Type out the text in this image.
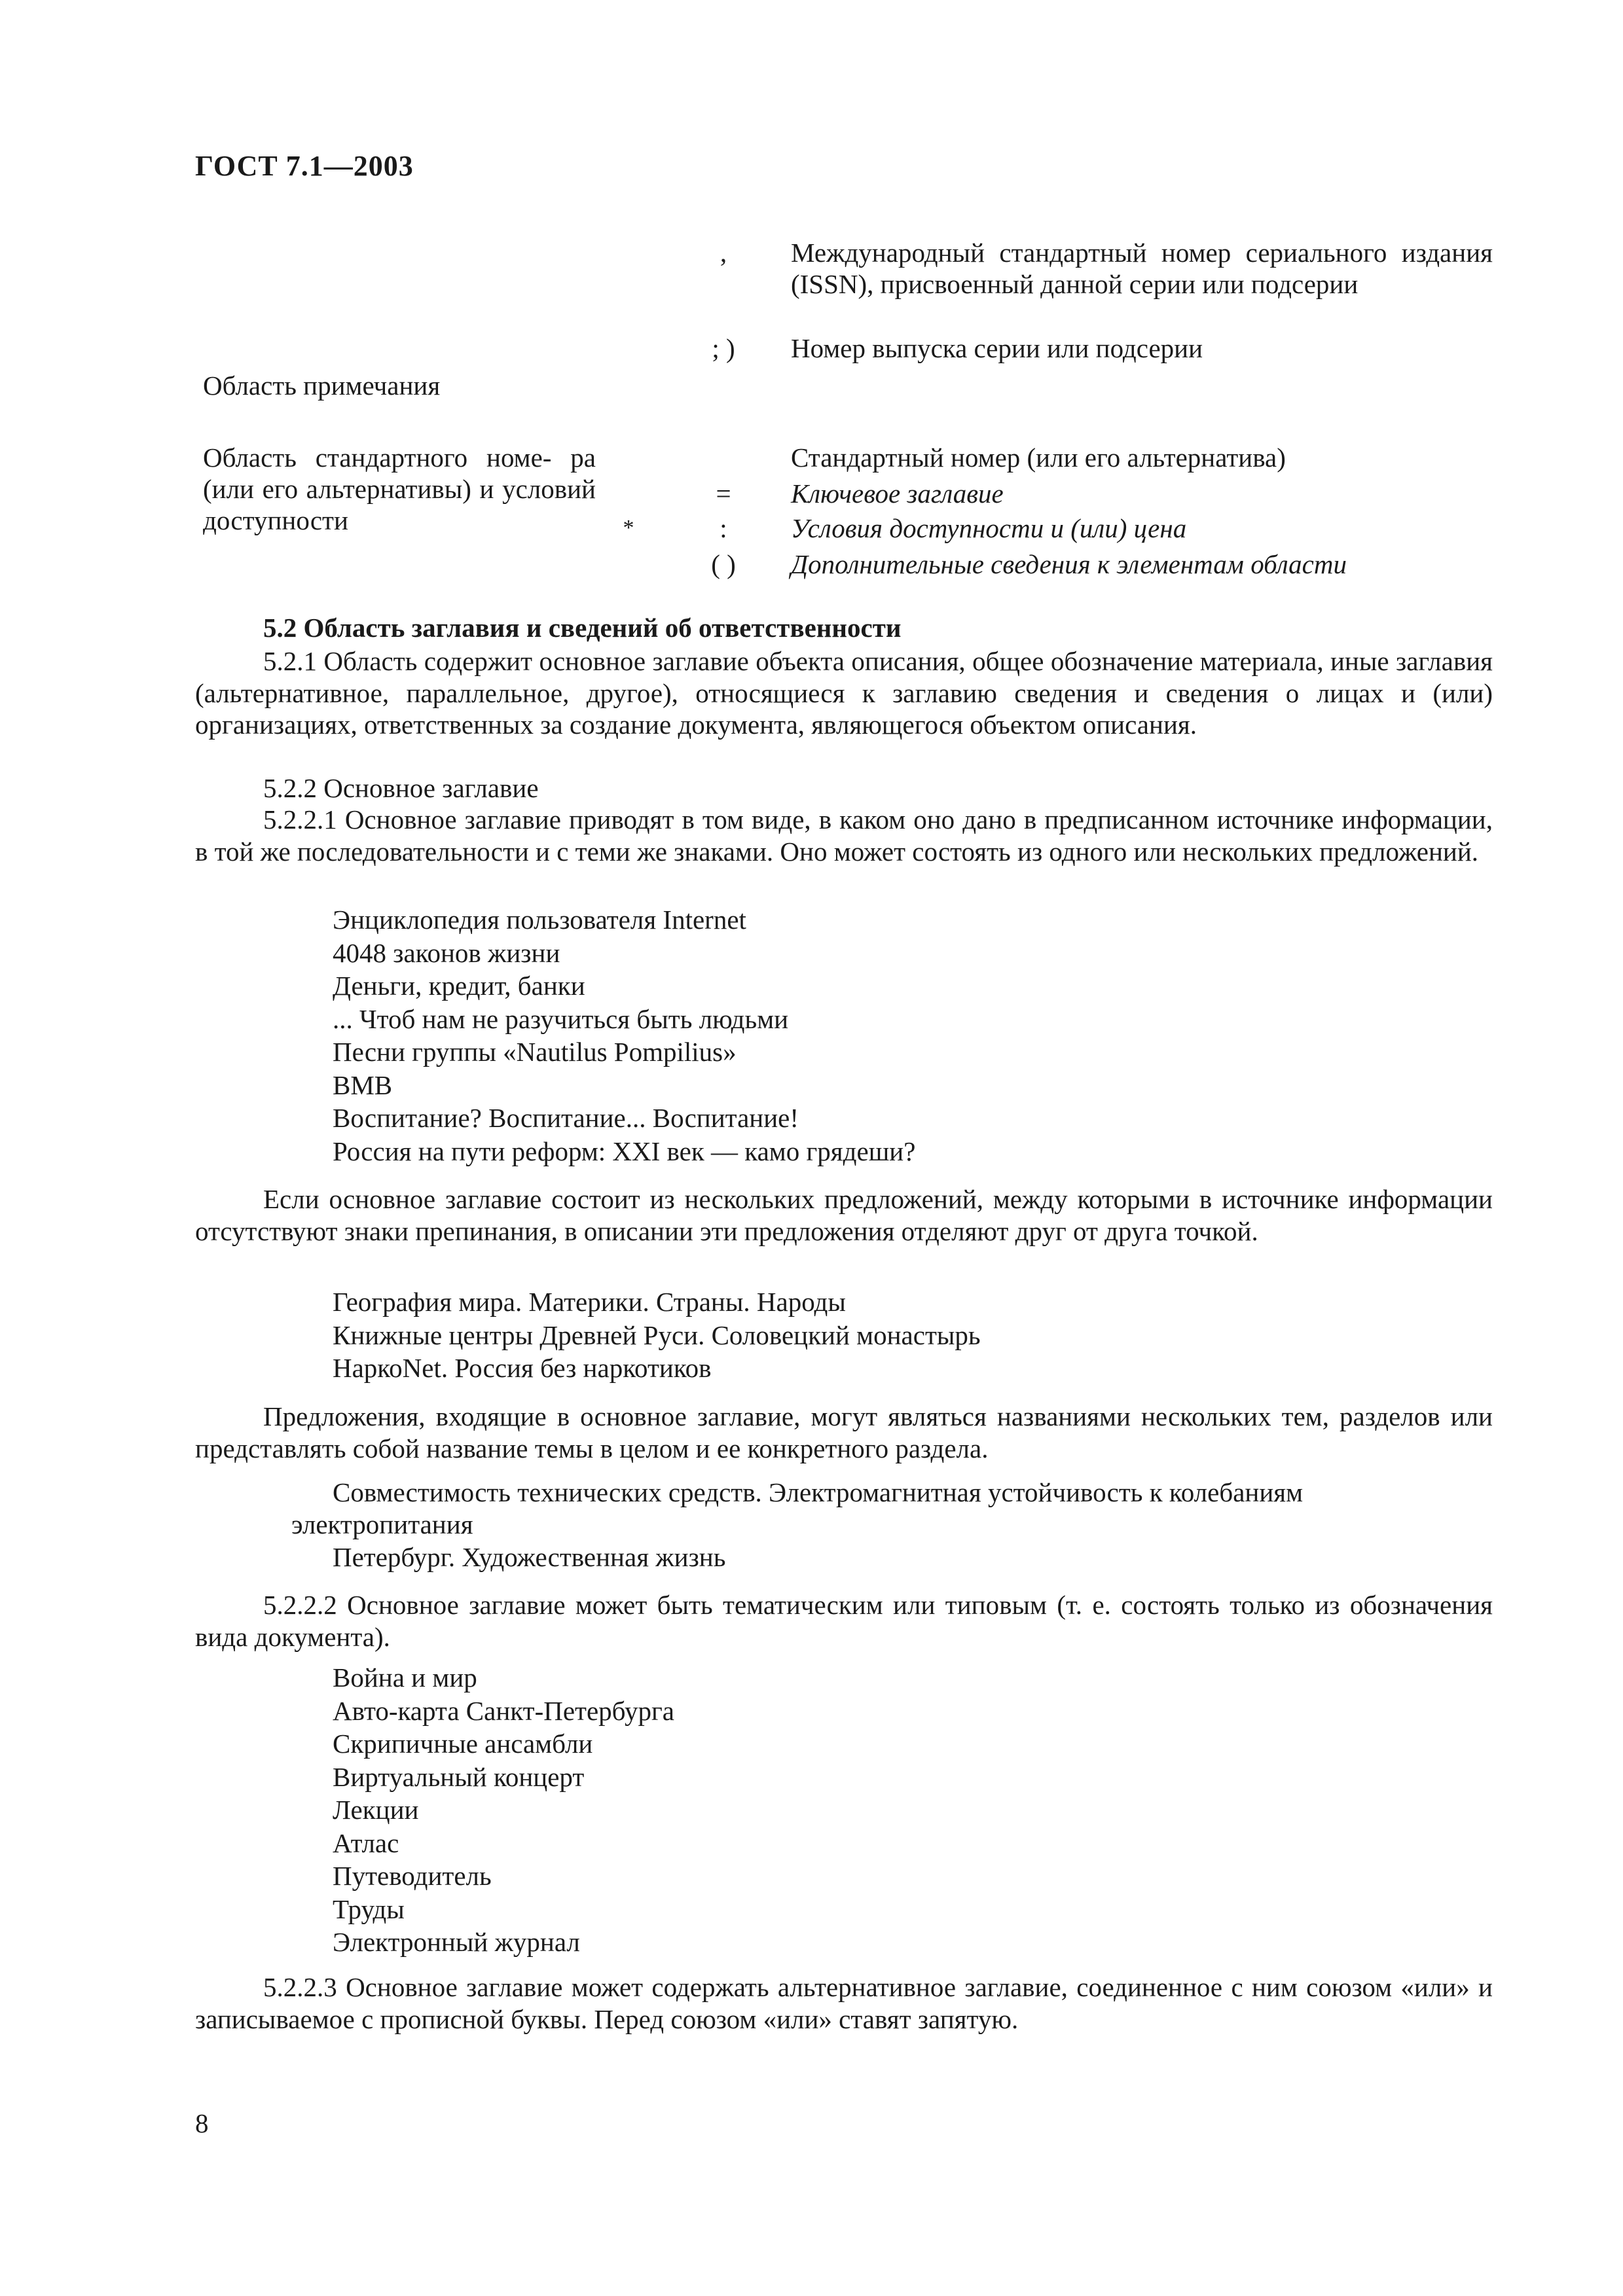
ГОСТ 7.1—2003
,	Международный стандартный номер сериального издания (ISSN), присвоенный данной серии или подсерии
; )	Номер выпуска серии или подсерии
Область примечания
Область стандартного номе- ра (или его альтернативы) и условий доступности	*
Стандартный номер (или его альтернатива)
=	Ключевое заглавие
:	Условия доступности и (или) цена
( ) Дополнительные сведения к элементам области
5.2 Область заглавия и сведений об ответственности
5.2.1 Область содержит основное заглавие объекта описания, общее обозначение материала, иные заглавия (альтернативное, параллельное, другое), относящиеся к заглавию сведения и сведения о лицах и (или) организациях, ответственных за создание документа, являющегося объектом описания.
5.2.2 Основное заглавие
5.2.2.1 Основное заглавие приводят в том виде, в каком оно дано в предписанном источнике информации, в той же последовательности и с теми же знаками. Оно может состоять из одного или нескольких предложений.
Энциклопедия пользователя Internet
4048 законов жизни
Деньги, кредит, банки
... Чтоб нам не разучиться быть людьми
Песни группы «Nautilus Pompilius»
BMB
Воспитание? Воспитание... Воспитание!
Россия на пути реформ: XXI век — камо грядеши?
Если основное заглавие состоит из нескольких предложений, между которыми в источнике информации отсутствуют знаки препинания, в описании эти предложения отделяют друг от друга точкой.
География мира. Материки. Страны. Народы
Книжные центры Древней Руси. Соловецкий монастырь
НаркоNet. Россия без наркотиков
Предложения, входящие в основное заглавие, могут являться названиями нескольких тем, разделов или представлять собой название темы в целом и ее конкретного раздела.
Совместимость технических средств. Электромагнитная устойчивость к колебаниям
электропитания
Петербург. Художественная жизнь
5.2.2.2 Основное заглавие может быть тематическим или типовым (т. е. состоять только из обозначения вида документа).
Война и мир
Авто-карта Санкт-Петербурга
Скрипичные ансамбли
Виртуальный концерт
Лекции
Атлас
Путеводитель
Труды
Электронный журнал
5.2.2.3 Основное заглавие может содержать альтернативное заглавие, соединенное с ним союзом «или» и записываемое с прописной буквы. Перед союзом «или» ставят запятую.
8
